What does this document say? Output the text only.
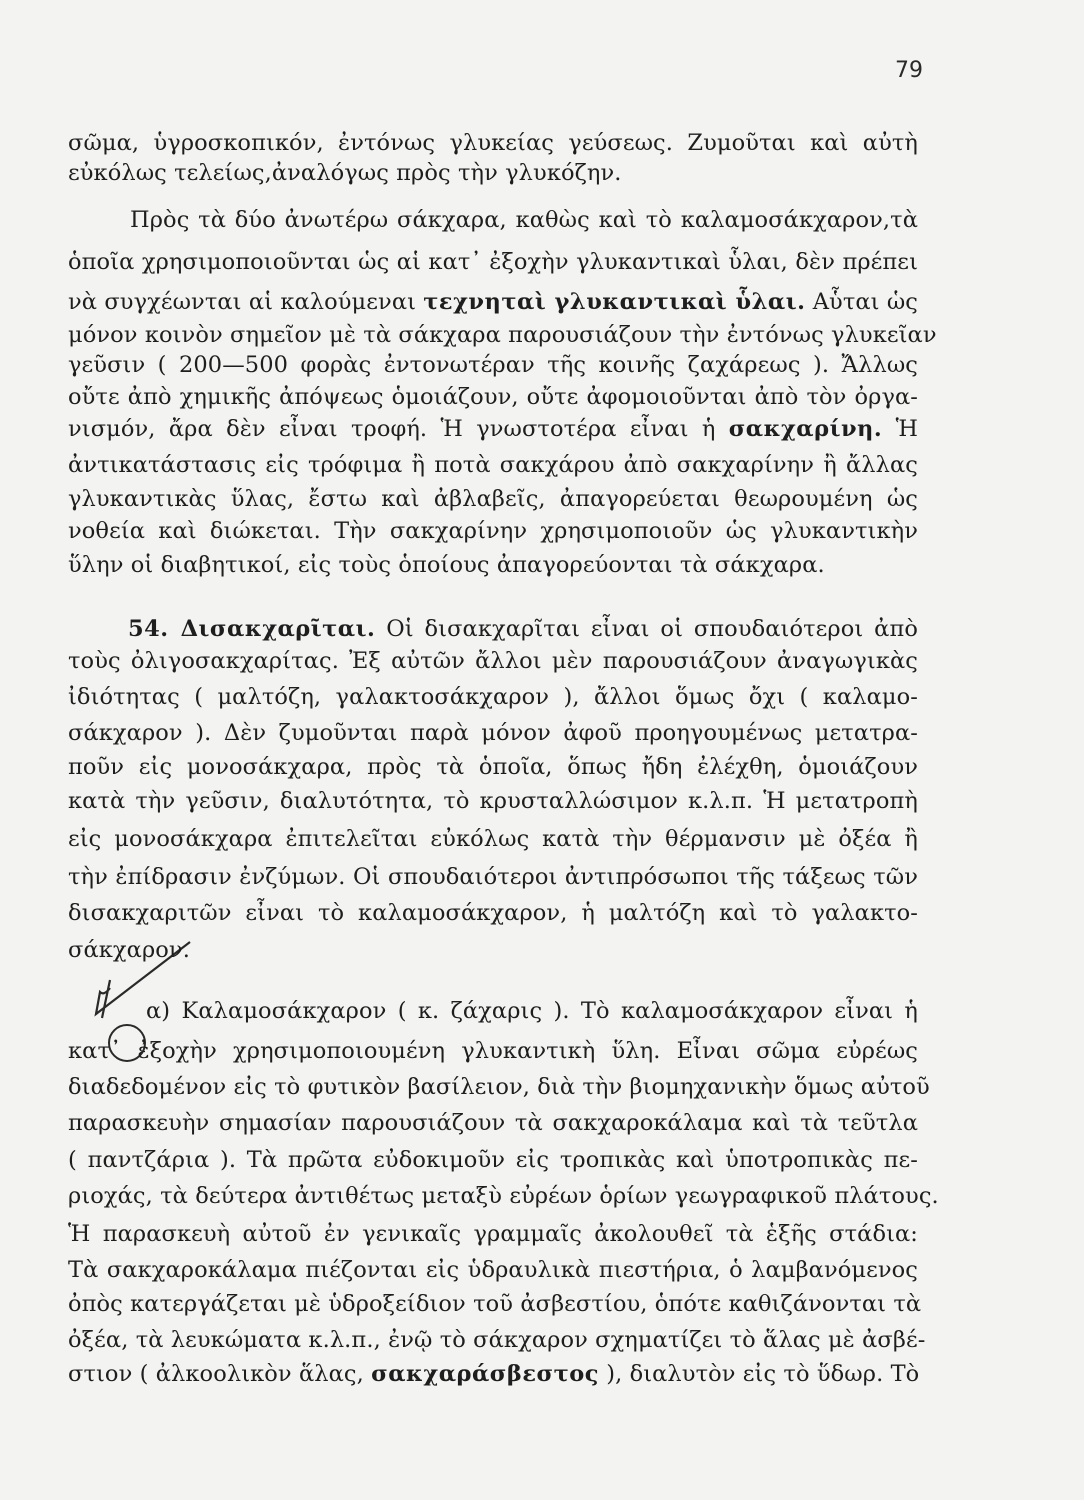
79
σῶμα, ὑγροσκοπικόν, ἐντόνως γλυκείας γεύσεως. Ζυμοῦται καὶ αὐτὴ
εὐκόλως τελείως,ἀναλόγως πρὸς τὴν γλυκόζην.
Πρὸς τὰ δύο ἀνωτέρω σάκχαρα, καθὼς καὶ τὸ καλαμοσάκχαρον,τὰ
ὁποῖα χρησιμοποιοῦνται ὡς αἱ κατ᾿ ἐξοχὴν γλυκαντικαὶ ὗλαι, δὲν πρέπει
νὰ συγχέωνται αἱ καλούμεναι τεχνηταὶ γλυκαντικαὶ ὗλαι. Αὗται ὡς
μόνον κοινὸν σημεῖον μὲ τὰ σάκχαρα παρουσιάζουν τὴν ἐντόνως γλυκεῖαν
γεῦσιν ( 200—500 φορὰς ἐντονωτέραν τῆς κοινῆς ζαχάρεως ). Ἄλλως
οὔτε ἀπὸ χημικῆς ἀπόψεως ὁμοιάζουν, οὔτε ἀφομοιοῦνται ἀπὸ τὸν ὀργα-
νισμόν, ἄρα δὲν εἶναι τροφή. Ἡ γνωστοτέρα εἶναι ἡ σακχαρίνη. Ἡ
ἀντικατάστασις εἰς τρόφιμα ἢ ποτὰ σακχάρου ἀπὸ σακχαρίνην ἢ ἄλλας
γλυκαντικὰς ὕλας, ἔστω καὶ ἀβλαβεῖς, ἀπαγορεύεται θεωρουμένη ὡς
νοθεία καὶ διώκεται. Τὴν σακχαρίνην χρησιμοποιοῦν ὡς γλυκαντικὴν
ὕλην οἱ διαβητικοί, εἰς τοὺς ὁποίους ἀπαγορεύονται τὰ σάκχαρα.
54. Δισακχαρῖται. Οἱ δισακχαρῖται εἶναι οἱ σπουδαιότεροι ἀπὸ
τοὺς ὀλιγοσακχαρίτας. Ἐξ αὐτῶν ἄλλοι μὲν παρουσιάζουν ἀναγωγικὰς
ἰδιότητας ( μαλτόζη, γαλακτοσάκχαρον ), ἄλλοι ὅμως ὄχι ( καλαμο-
σάκχαρον ). Δὲν ζυμοῦνται παρὰ μόνον ἀφοῦ προηγουμένως μετατρα-
ποῦν εἰς μονοσάκχαρα, πρὸς τὰ ὁποῖα, ὅπως ἤδη ἐλέχθη, ὁμοιάζουν
κατὰ τὴν γεῦσιν, διαλυτότητα, τὸ κρυσταλλώσιμον κ.λ.π. Ἡ μετατροπὴ
εἰς μονοσάκχαρα ἐπιτελεῖται εὐκόλως κατὰ τὴν θέρμανσιν μὲ ὀξέα ἢ
τὴν ἐπίδρασιν ἐνζύμων. Οἱ σπουδαιότεροι ἀντιπρόσωποι τῆς τάξεως τῶν
δισακχαριτῶν εἶναι τὸ καλαμοσάκχαρον, ἡ μαλτόζη καὶ τὸ γαλακτο-
σάκχαρον.
α) Καλαμοσάκχαρον ( κ. ζάχαρις ). Τὸ καλαμοσάκχαρον εἶναι ἡ
κατ᾿ ἐξοχὴν χρησιμοποιουμένη γλυκαντικὴ ὕλη. Εἶναι σῶμα εὐρέως
διαδεδομένον εἰς τὸ φυτικὸν βασίλειον, διὰ τὴν βιομηχανικὴν ὅμως αὐτοῦ
παρασκευὴν σημασίαν παρουσιάζουν τὰ σακχαροκάλαμα καὶ τὰ τεῦτλα
( παντζάρια ). Τὰ πρῶτα εὐδοκιμοῦν εἰς τροπικὰς καὶ ὑποτροπικὰς πε-
ριοχάς, τὰ δεύτερα ἀντιθέτως μεταξὺ εὐρέων ὁρίων γεωγραφικοῦ πλάτους.
Ἡ παρασκευὴ αὐτοῦ ἐν γενικαῖς γραμμαῖς ἀκολουθεῖ τὰ ἑξῆς στάδια:
Τὰ σακχαροκάλαμα πιέζονται εἰς ὑδραυλικὰ πιεστήρια, ὁ λαμβανόμενος
ὀπὸς κατεργάζεται μὲ ὑδροξείδιον τοῦ ἀσβεστίου, ὁπότε καθιζάνονται τὰ
ὀξέα, τὰ λευκώματα κ.λ.π., ἐνῷ τὸ σάκχαρον σχηματίζει τὸ ἅλας μὲ ἀσβέ-
στιον ( ἀλκοολικὸν ἅλας, σακχαράσβεστος ), διαλυτὸν εἰς τὸ ὕδωρ. Τὸ
